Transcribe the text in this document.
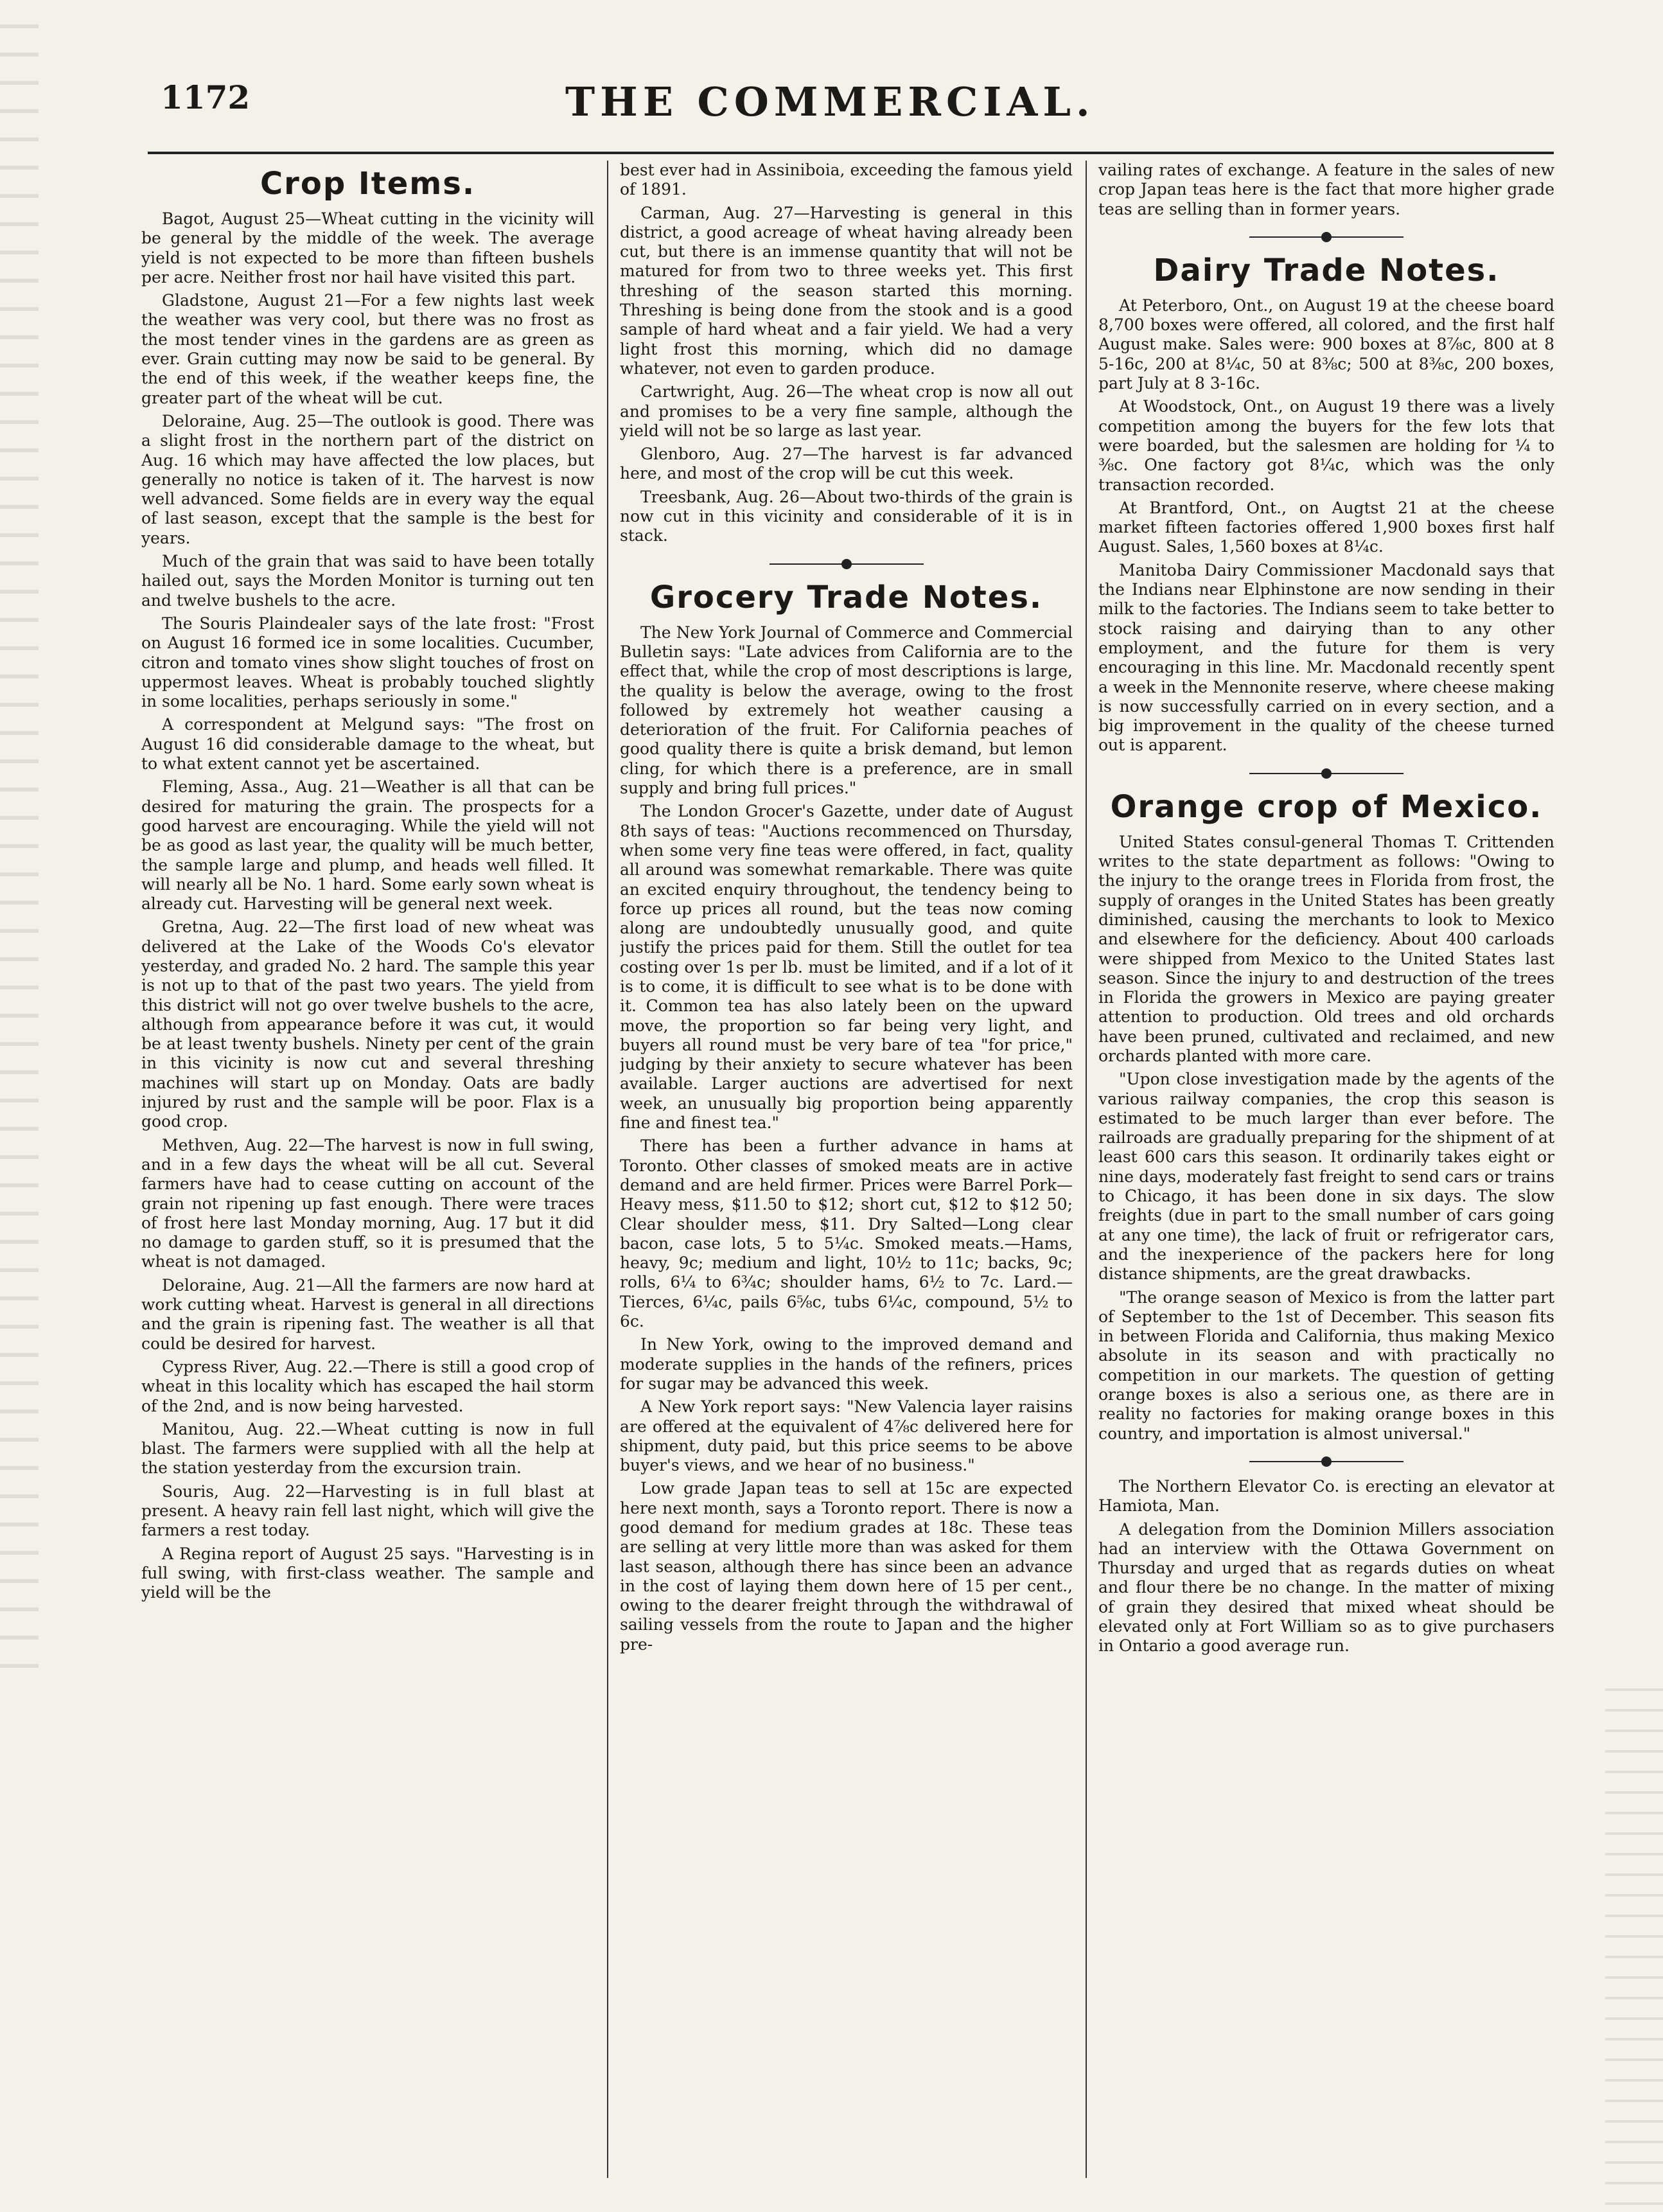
1172	THE COMMERCIAL.
Crop Items.

Bagot, August 25—Wheat cutting in the vicinity will be general by the middle of the week. The average yield is not expected to be more than fifteen bushels per acre. Neither frost nor hail have visited this part.

Gladstone, August 21—For a few nights last week the weather was very cool, but there was no frost as the most tender vines in the gardens are as green as ever. Grain cutting may now be said to be general. By the end of this week, if the weather keeps fine, the greater part of the wheat will be cut.

Deloraine, Aug. 25—The outlook is good. There was a slight frost in the northern part of the district on Aug. 16 which may have affected the low places, but generally no notice is taken of it. The harvest is now well advanced. Some fields are in every way the equal of last season, except that the sample is the best for years.

Much of the grain that was said to have been totally hailed out, says the Morden Monitor is turning out ten and twelve bushels to the acre.

The Souris Plaindealer says of the late frost: "Frost on August 16 formed ice in some localities. Cucumber, citron and tomato vines show slight touches of frost on uppermost leaves. Wheat is probably touched slightly in some localities, perhaps seriously in some."

A correspondent at Melgund says: "The frost on August 16 did considerable damage to the wheat, but to what extent cannot yet be ascertained.

Fleming, Assa., Aug. 21—Weather is all that can be desired for maturing the grain. The prospects for a good harvest are encouraging. While the yield will not be as good as last year, the quality will be much better, the sample large and plump, and heads well filled. It will nearly all be No. 1 hard. Some early sown wheat is already cut. Harvesting will be general next week.

Gretna, Aug. 22—The first load of new wheat was delivered at the Lake of the Woods Co's elevator yesterday, and graded No. 2 hard. The sample this year is not up to that of the past two years. The yield from this district will not go over twelve bushels to the acre, although from appearance before it was cut, it would be at least twenty bushels. Ninety per cent of the grain in this vicinity is now cut and several threshing machines will start up on Monday. Oats are badly injured by rust and the sample will be poor. Flax is a good crop.

Methven, Aug. 22—The harvest is now in full swing, and in a few days the wheat will be all cut. Several farmers have had to cease cutting on account of the grain not ripening up fast enough. There were traces of frost here last Monday morning, Aug. 17 but it did no damage to garden stuff, so it is presumed that the wheat is not damaged.

Deloraine, Aug. 21—All the farmers are now hard at work cutting wheat. Harvest is general in all directions and the grain is ripening fast. The weather is all that could be desired for harvest.

Cypress River, Aug. 22.—There is still a good crop of wheat in this locality which has escaped the hail storm of the 2nd, and is now being harvested.

Manitou, Aug. 22.—Wheat cutting is now in full blast. The farmers were supplied with all the help at the station yesterday from the excursion train.

Souris, Aug. 22—Harvesting is in full blast at present. A heavy rain fell last night, which will give the farmers a rest today.

A Regina report of August 25 says. "Harvesting is in full swing, with first-class weather. The sample and yield will be the

best ever had in Assiniboia, exceeding the famous yield of 1891.

Carman, Aug. 27—Harvesting is general in this district, a good acreage of wheat having already been cut, but there is an immense quantity that will not be matured for from two to three weeks yet. This first threshing of the season started this morning. Threshing is being done from the stook and is a good sample of hard wheat and a fair yield. We had a very light frost this morning, which did no damage whatever, not even to garden produce.

Cartwright, Aug. 26—The wheat crop is now all out and promises to be a very fine sample, although the yield will not be so large as last year.

Glenboro, Aug. 27—The harvest is far advanced here, and most of the crop will be cut this week.

Treesbank, Aug. 26—About two-thirds of the grain is now cut in this vicinity and considerable of it is in stack.

Grocery Trade Notes.

The New York Journal of Commerce and Commercial Bulletin says: "Late advices from California are to the effect that, while the crop of most descriptions is large, the quality is below the average, owing to the frost followed by extremely hot weather causing a deterioration of the fruit. For California peaches of good quality there is quite a brisk demand, but lemon cling, for which there is a preference, are in small supply and bring full prices."

The London Grocer's Gazette, under date of August 8th says of teas: "Auctions recommenced on Thursday, when some very fine teas were offered, in fact, quality all around was somewhat remarkable. There was quite an excited enquiry throughout, the tendency being to force up prices all round, but the teas now coming along are undoubtedly unusually good, and quite justify the prices paid for them. Still the outlet for tea costing over 1s per lb. must be limited, and if a lot of it is to come, it is difficult to see what is to be done with it. Common tea has also lately been on the upward move, the proportion so far being very light, and buyers all round must be very bare of tea "for price," judging by their anxiety to secure whatever has been available. Larger auctions are advertised for next week, an unusually big proportion being apparently fine and finest tea."

There has been a further advance in hams at Toronto. Other classes of smoked meats are in active demand and are held firmer. Prices were Barrel Pork—Heavy mess, $11.50 to $12; short cut, $12 to $12 50; Clear shoulder mess, $11. Dry Salted—Long clear bacon, case lots, 5 to 5¼c. Smoked meats.—Hams, heavy, 9c; medium and light, 10½ to 11c; backs, 9c; rolls, 6¼ to 6¾c; shoulder hams, 6½ to 7c. Lard.—Tierces, 6¼c, pails 6⅝c, tubs 6¼c, compound, 5½ to 6c.

In New York, owing to the improved demand and moderate supplies in the hands of the refiners, prices for sugar may be advanced this week.

A New York report says: "New Valencia layer raisins are offered at the equivalent of 4⅞c delivered here for shipment, duty paid, but this price seems to be above buyer's views, and we hear of no business."

Low grade Japan teas to sell at 15c are expected here next month, says a Toronto report. There is now a good demand for medium grades at 18c. These teas are selling at very little more than was asked for them last season, although there has since been an advance in the cost of laying them down here of 15 per cent., owing to the dearer freight through the withdrawal of sailing vessels from the route to Japan and the higher pre-

vailing rates of exchange. A feature in the sales of new crop Japan teas here is the fact that more higher grade teas are selling than in former years.

Dairy Trade Notes.

At Peterboro, Ont., on August 19 at the cheese board 8,700 boxes were offered, all colored, and the first half August make. Sales were: 900 boxes at 8⅞c, 800 at 8 5-16c, 200 at 8¼c, 50 at 8⅜c; 500 at 8⅜c, 200 boxes, part July at 8 3-16c.

At Woodstock, Ont., on August 19 there was a lively competition among the buyers for the few lots that were boarded, but the salesmen are holding for ¼ to ⅜c. One factory got 8¼c, which was the only transaction recorded.

At Brantford, Ont., on Augtst 21 at the cheese market fifteen factories offered 1,900 boxes first half August. Sales, 1,560 boxes at 8¼c.

Manitoba Dairy Commissioner Macdonald says that the Indians near Elphinstone are now sending in their milk to the factories. The Indians seem to take better to stock raising and dairying than to any other employment, and the future for them is very encouraging in this line. Mr. Macdonald recently spent a week in the Mennonite reserve, where cheese making is now successfully carried on in every section, and a big improvement in the quality of the cheese turned out is apparent.

Orange crop of Mexico.

United States consul-general Thomas T. Crittenden writes to the state department as follows: "Owing to the injury to the orange trees in Florida from frost, the supply of oranges in the United States has been greatly diminished, causing the merchants to look to Mexico and elsewhere for the deficiency. About 400 carloads were shipped from Mexico to the United States last season. Since the injury to and destruction of the trees in Florida the growers in Mexico are paying greater attention to production. Old trees and old orchards have been pruned, cultivated and reclaimed, and new orchards planted with more care.

"Upon close investigation made by the agents of the various railway companies, the crop this season is estimated to be much larger than ever before. The railroads are gradually preparing for the shipment of at least 600 cars this season. It ordinarily takes eight or nine days, moderately fast freight to send cars or trains to Chicago, it has been done in six days. The slow freights (due in part to the small number of cars going at any one time), the lack of fruit or refrigerator cars, and the inexperience of the packers here for long distance shipments, are the great drawbacks.

"The orange season of Mexico is from the latter part of September to the 1st of December. This season fits in between Florida and California, thus making Mexico absolute in its season and with practically no competition in our markets. The question of getting orange boxes is also a serious one, as there are in reality no factories for making orange boxes in this country, and importation is almost universal."

The Northern Elevator Co. is erecting an elevator at Hamiota, Man.

A delegation from the Dominion Millers association had an interview with the Ottawa Government on Thursday and urged that as regards duties on wheat and flour there be no change. In the matter of mixing of grain they desired that mixed wheat should be elevated only at Fort William so as to give purchasers in Ontario a good average run.
